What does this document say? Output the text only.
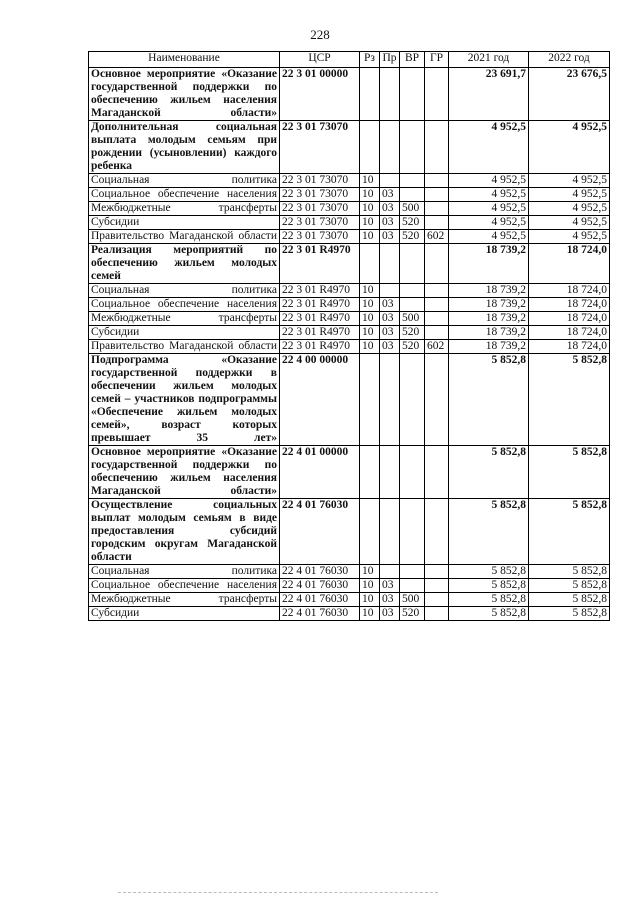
228
Наименование	ЦСР	Рз	Пр	ВР	ГР	2021 год	2022 год
Основное мероприятие «Оказание государственной поддержки по обеспечению жильем населения Магаданской области»	22 3 01 00000					23 691,7	23 676,5
Дополнительная социальная выплата молодым семьям при рождении (усыновлении) каждого ребенка	22 3 01 73070					4 952,5	4 952,5
Социальная политика	22 3 01 73070	10				4 952,5	4 952,5
Социальное обеспечение населения	22 3 01 73070	10	03			4 952,5	4 952,5
Межбюджетные трансферты	22 3 01 73070	10	03	500		4 952,5	4 952,5
Субсидии	22 3 01 73070	10	03	520		4 952,5	4 952,5
Правительство Магаданской области	22 3 01 73070	10	03	520	602	4 952,5	4 952,5
Реализация мероприятий по обеспечению жильем молодых семей	22 3 01 R4970					18 739,2	18 724,0
Социальная политика	22 3 01 R4970	10				18 739,2	18 724,0
Социальное обеспечение населения	22 3 01 R4970	10	03			18 739,2	18 724,0
Межбюджетные трансферты	22 3 01 R4970	10	03	500		18 739,2	18 724,0
Субсидии	22 3 01 R4970	10	03	520		18 739,2	18 724,0
Правительство Магаданской области	22 3 01 R4970	10	03	520	602	18 739,2	18 724,0
Подпрограмма «Оказание государственной поддержки в обеспечении жильем молодых семей – участников подпрограммы «Обеспечение жильем молодых семей», возраст которых превышает 35 лет»	22 4 00 00000					5 852,8	5 852,8
Основное мероприятие «Оказание государственной поддержки по обеспечению жильем населения Магаданской области»	22 4 01 00000					5 852,8	5 852,8
Осуществление социальных выплат молодым семьям в виде предоставления субсидий городским округам Магаданской области	22 4 01 76030					5 852,8	5 852,8
Социальная политика	22 4 01 76030	10				5 852,8	5 852,8
Социальное обеспечение населения	22 4 01 76030	10	03			5 852,8	5 852,8
Межбюджетные трансферты	22 4 01 76030	10	03	500		5 852,8	5 852,8
Субсидии	22 4 01 76030	10	03	520		5 852,8	5 852,8
